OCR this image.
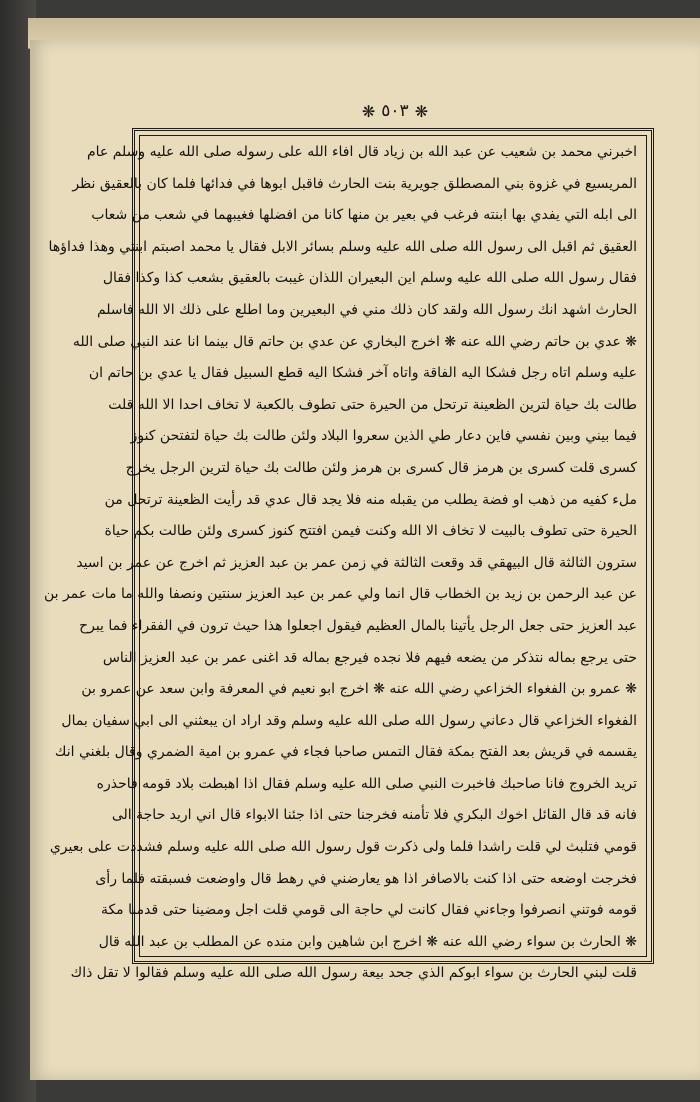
❋ ٥٠٣ ❋
اخبرني محمد بن شعيب عن عبد الله بن زياد قال افاء الله على رسوله صلى الله عليه وسلم عام
المريسيع في غزوة بني المصطلق جويرية بنت الحارث فاقبل ابوها في فدائها فلما كان بالعقيق نظر
الى ابله التي يفدي بها ابنته فرغب في بعير بن منها كانا من افضلها فغيبهما في شعب من شعاب
العقيق ثم اقبل الى رسول الله صلى الله عليه وسلم بسائر الابل فقال يا محمد اصبتم ابنتي وهذا فداؤها
فقال رسول الله صلى الله عليه وسلم اين البعيران اللذان غيبت بالعقيق بشعب كذا وكذا فقال
الحارث اشهد انك رسول الله ولقد كان ذلك مني في البعيرين وما اطلع على ذلك الا الله فاسلم
❋ عدي بن حاتم رضي الله عنه ❋ اخرج البخاري عن عدي بن حاتم قال بينما انا عند النبي صلى الله
عليه وسلم اتاه رجل فشكا اليه الفاقة واتاه آخر فشكا اليه قطع السبيل فقال يا عدي بن حاتم ان
طالت بك حياة لترين الظعينة ترتحل من الحيرة حتى تطوف بالكعبة لا تخاف احدا الا الله قلت
فيما بيني وبين نفسي فاين دعار طي الذين سعروا البلاد ولئن طالت بك حياة لتفتحن كنوز
كسرى قلت كسرى بن هرمز قال كسرى بن هرمز ولئن طالت بك حياة لترين الرجل يخرج
ملء كفيه من ذهب او فضة يطلب من يقبله منه فلا يجد قال عدي قد رأيت الظعينة ترتحل من
الحيرة حتى تطوف بالبيت لا تخاف الا الله وكنت فيمن افتتح كنوز كسرى ولئن طالت بكم حياة
سترون الثالثة قال البيهقي قد وقعت الثالثة في زمن عمر بن عبد العزيز ثم اخرج عن عمر بن اسيد
عن عبد الرحمن بن زيد بن الخطاب قال انما ولي عمر بن عبد العزيز سنتين ونصفا والله ما مات عمر بن
عبد العزيز حتى جعل الرجل يأتينا بالمال العظيم فيقول اجعلوا هذا حيث ترون في الفقراء فما يبرح
حتى يرجع بماله نتذكر من يضعه فيهم فلا نجده فيرجع بماله قد اغنى عمر بن عبد العزيز الناس
❋ عمرو بن الفغواء الخزاعي رضي الله عنه ❋ اخرج ابو نعيم في المعرفة وابن سعد عن عمرو بن
الفغواء الخزاعي قال دعاني رسول الله صلى الله عليه وسلم وقد اراد ان يبعثني الى ابي سفيان بمال
يقسمه في قريش بعد الفتح بمكة فقال التمس صاحبا فجاء في عمرو بن امية الضمري وقال بلغني انك
تريد الخروج فانا صاحبك فاخبرت النبي صلى الله عليه وسلم فقال اذا اهبطت بلاد قومه فاحذره
فانه قد قال القائل اخوك البكري فلا تأمنه فخرجنا حتى اذا جئنا الابواء قال اني اريد حاجة الى
قومي فتلبث لي قلت راشدا فلما ولى ذكرت قول رسول الله صلى الله عليه وسلم فشددت على بعيري
فخرجت اوضعه حتى اذا كنت بالاصافر اذا هو يعارضني في رهط قال واوضعت فسبقته فلما رأى
قومه فوتني انصرفوا وجاءني فقال كانت لي حاجة الى قومي قلت اجل ومضينا حتى قدمنا مكة
❋ الحارث بن سواء رضي الله عنه ❋ اخرج ابن شاهين وابن منده عن المطلب بن عبد الله قال
قلت لبني الحارث بن سواء ابوكم الذي جحد بيعة رسول الله صلى الله عليه وسلم فقالوا لا تقل ذاك
